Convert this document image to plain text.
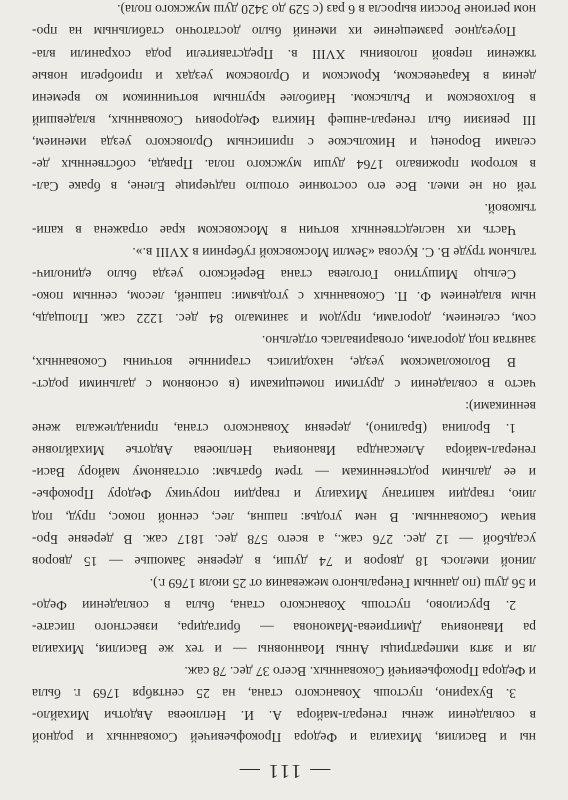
— 111 —
ны и Василия, Михаила и Федора Прокофьевичей Сокованных и родной
в совладении жены генерал-майора А. И. Неплюева Авдотьи Михайло-
3. Бухарино, пустошь Хованского стана, на 25 сентября 1769 г. была
и Федора Прокофьевичей Сокованных. Всего 37 дес. 78 саж.
ля и зятя императрицы Анны Иоанновны — и тех же Василия, Михаила
ра Ивановича Дмитриева-Мамонова — бригадира, известного писате-
2. Брусилово, пустошь Хованского стана, была в совладении Федо-
и 56 душ (по данным Генерального межевания от 25 июля 1769 г.).
линой имелось 18 дворов и 74 души, в деревне Замошье — 15 дворов
усадьбой — 12 дес. 276 саж., а всего 578 дес. 1817 саж. В деревне Бро-
вичам Сокованным. В нем угодья: пашня, лес, сенной покос, пруд, под
лию, гвардии капитану Михаилу и гвардии поручику Федору Прокофье-
и ее дальним родственникам — трем братьям: отставному майору Васи-
генерал-майора Александра Ивановича Неплюева Авдотье Михайловне
1. Бролина (Бралино), деревня Хованского стана, принадлежала жене
венниками):
часто в совладении с другими помещиками (в основном с дальними родст-
В Волоколамском уезде, находились старинные вотчины Сокованных,
занятая под дорогами, оговаривалась отдельно.
сом, селением, дорогами, прудом и занимало 84 дес. 1222 саж. Площадь,
ным владением Ф. П. Сокованных с угодьями: пашней, лесом, сенным поко-
Сельцо Мишутино Гоголева стана Верейского уезда было единолич-
тальном труде В. С. Кусова «Земли Московской губернии в XVIII в.».
Часть их наследственных вотчин в Московском крае отражена в капи-
тыковой.
тей он не имел. Все его состояние отошло падчерице Елене, в браке Сал-
в котором проживало 1764 души мужского пола. Правда, собственных де-
селами Воронец и Никольское с приписным Орловского уезда имением,
III ревизии был генерал-аншеф Никита Федорович Сокованных, владевший
в Болховском и Рыльском. Наиболее крупным вотчинником ко времени
дения в Карачевском, Кромском и Орловском уездах и приобрели новые
тяжении первой половины XVIII в. Представители рода сохранили вла-
Поуездное размещение их имений было достаточно стабильным на про-
ном регионе России выросла в 6 раз (с 529 до 3420 душ мужского пола).
